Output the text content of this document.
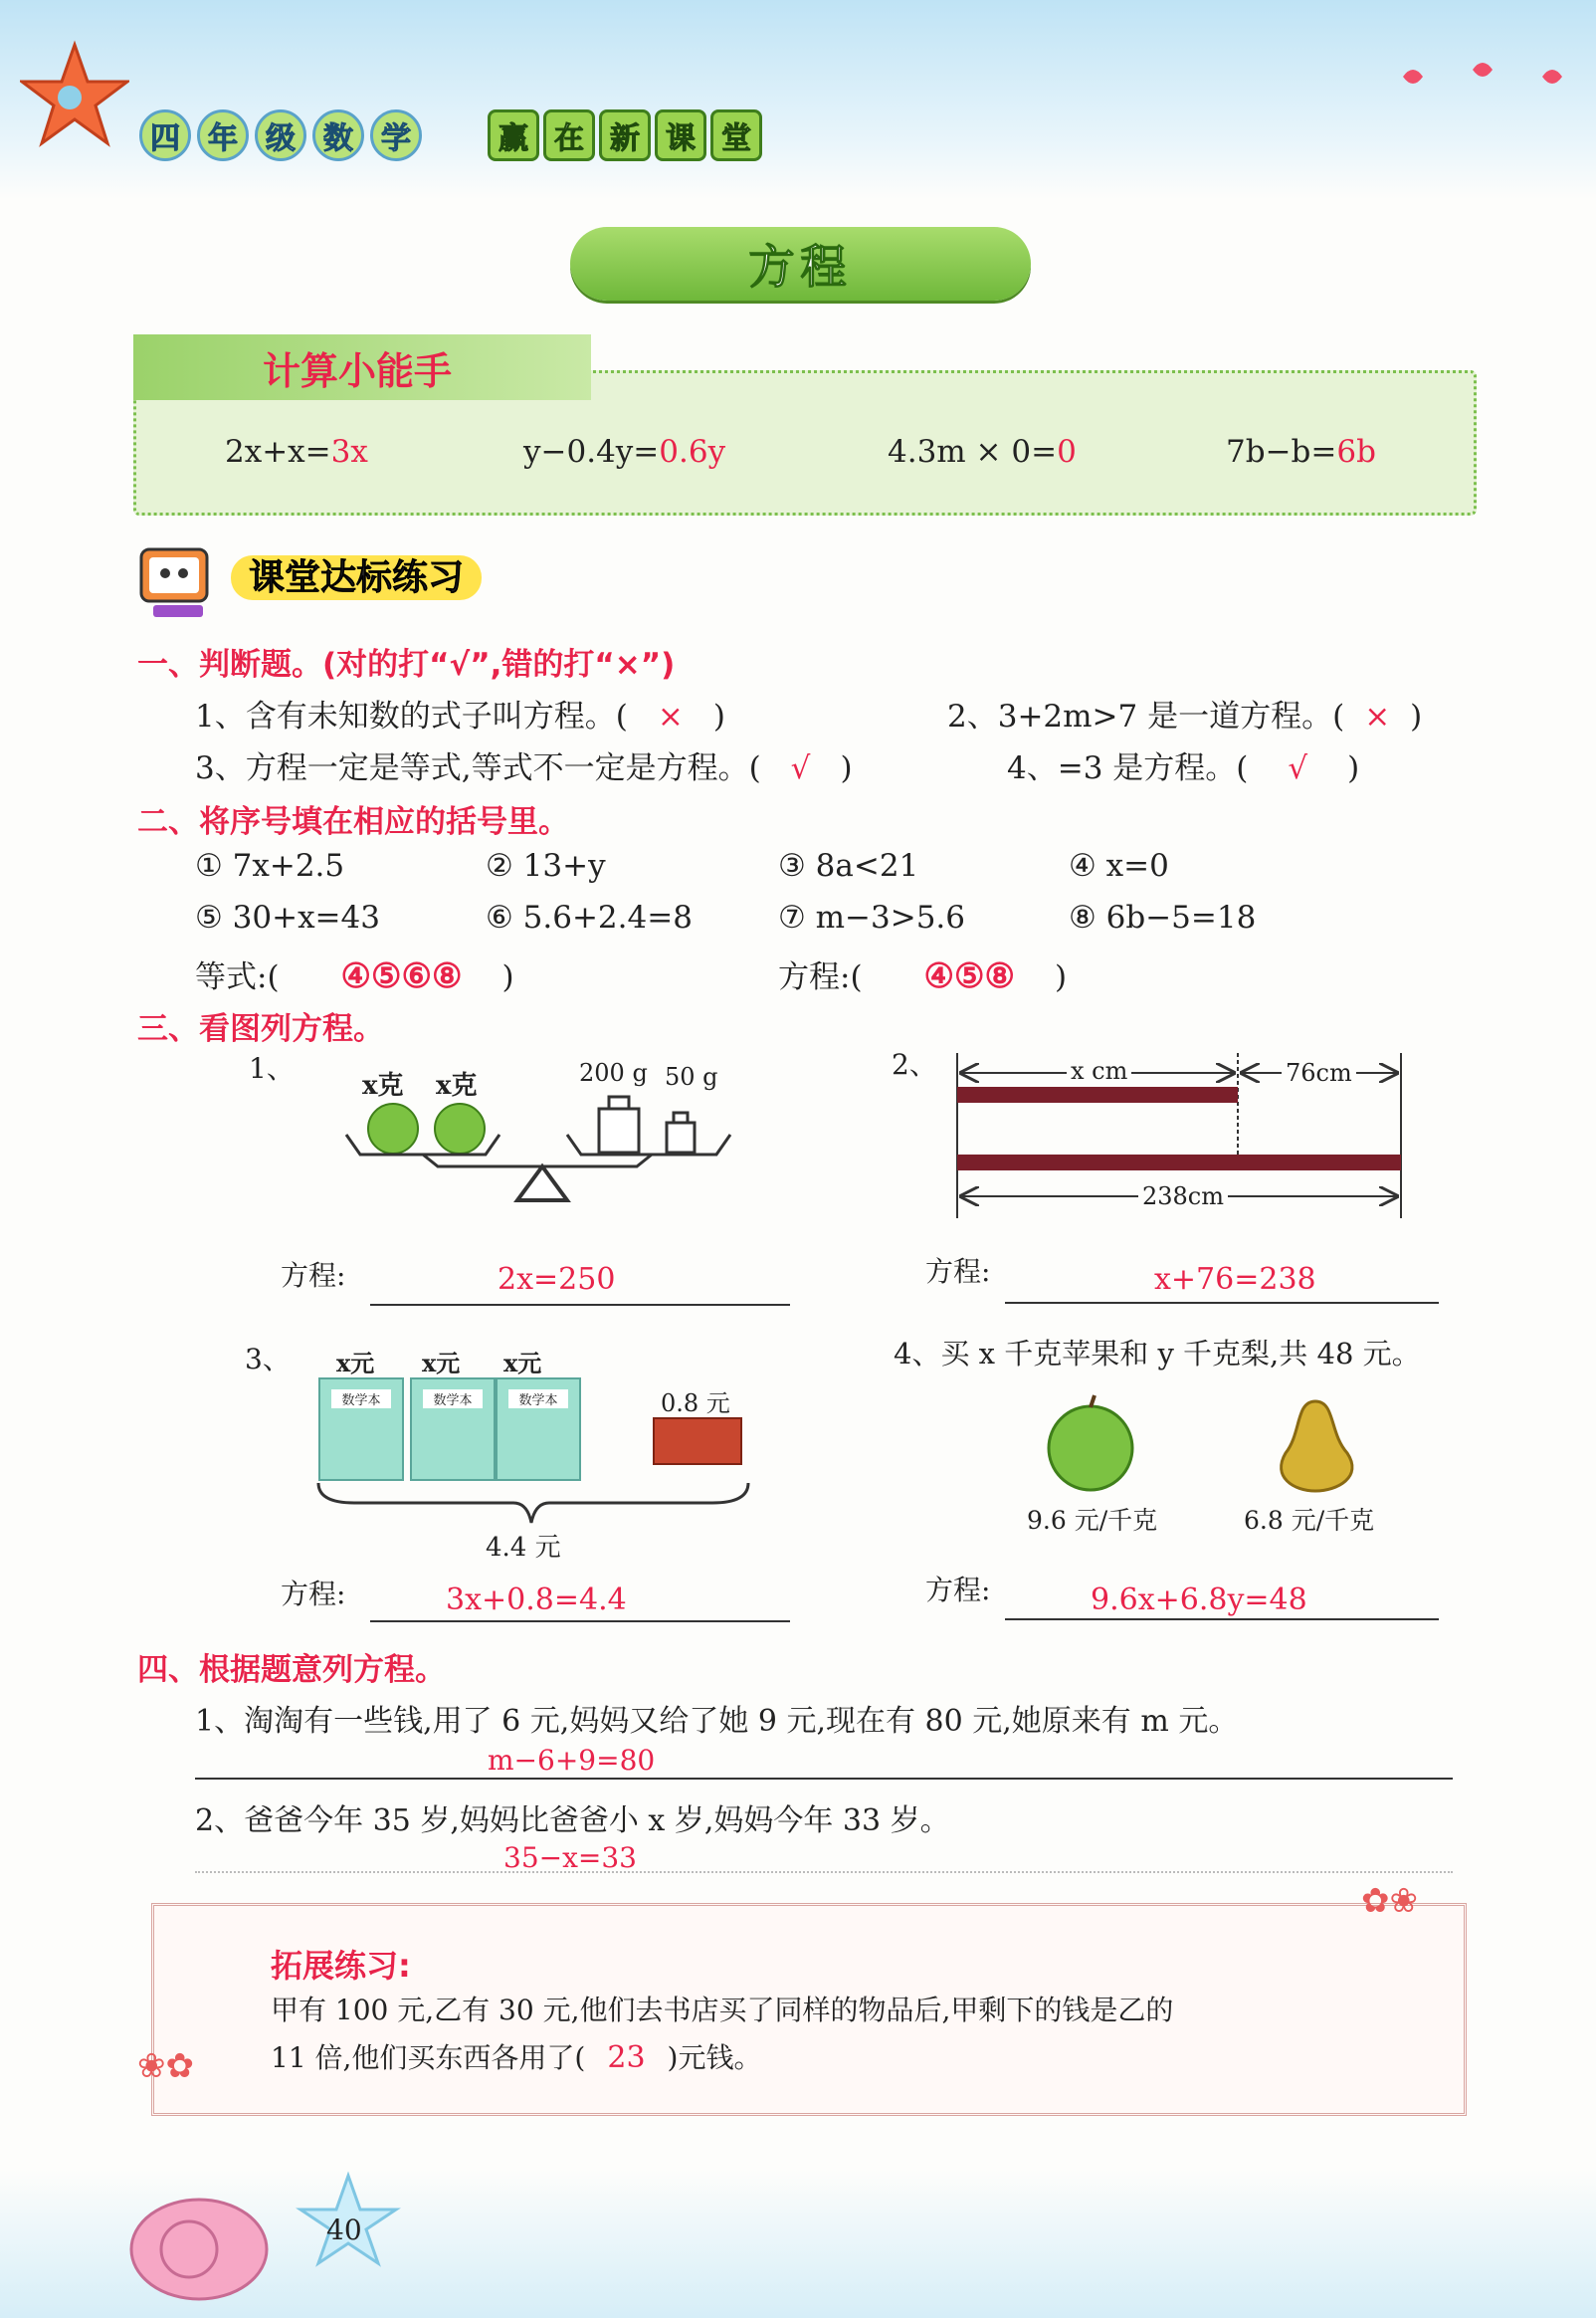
四 年 级 数 学	赢 在 新 课 堂
方程
计算小能手
2x+x=3x	y−0.4y=0.6y	4.3m × 0=0	7b−b=6b
课堂达标练习
一、判断题。(对的打“√”,错的打“×”)
1、含有未知数的式子叫方程。( × )	2、3+2m>7 是一道方程。( × )
3、方程一定是等式,等式不一定是方程。( √ )	4、=3 是方程。( √ )
二、将序号填在相应的括号里。
① 7x+2.5	② 13+y	③ 8a<21	④ x=0
⑤ 30+x=43	⑥ 5.6+2.4=8	⑦ m−3>5.6	⑧ 6b−5=18
等式:( ④⑤⑥⑧ )	方程:( ④⑤⑧ )
三、看图列方程。
1、
x克 x克	200 g 50 g
方程:	2x=250
2、	x cm	76cm
238cm
方程:	x+76=238
3、 x元 x元 x元
数学本	数学本	数学本	0.8 元
4.4 元
方程:	3x+0.8=4.4
4、买 x 千克苹果和 y 千克梨,共 48 元。
9.6 元/千克	6.8 元/千克
方程:	9.6x+6.8y=48
四、根据题意列方程。
1、淘淘有一些钱,用了 6 元,妈妈又给了她 9 元,现在有 80 元,她原来有 m 元。
m−6+9=80
2、爸爸今年 35 岁,妈妈比爸爸小 x 岁,妈妈今年 33 岁。
35−x=33
✿❀
❀✿
拓展练习:
甲有 100 元,乙有 30 元,他们去书店买了同样的物品后,甲剩下的钱是乙的
11 倍,他们买东西各用了( 23 )元钱。
40
